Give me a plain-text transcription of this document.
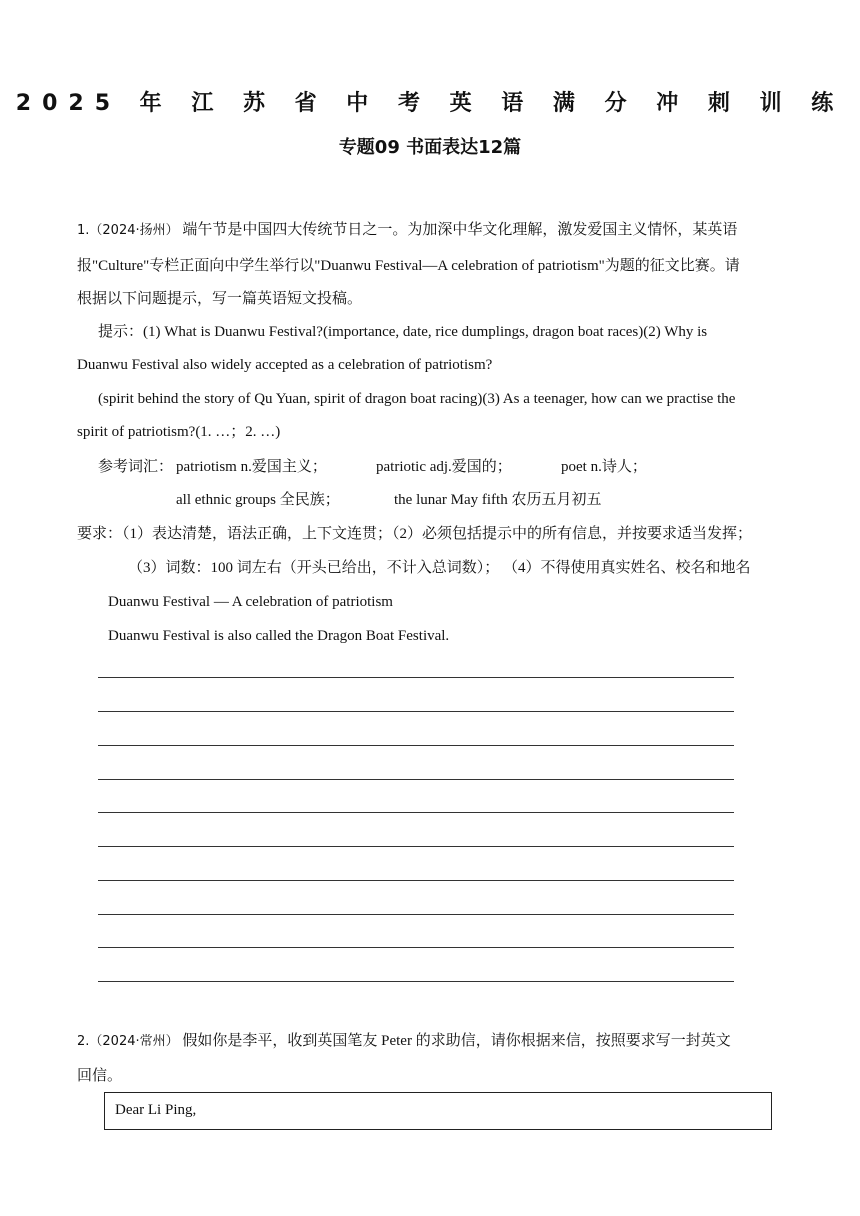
2025 年 江 苏 省 中 考 英 语 满 分 冲 刺 训 练
专题09 书面表达12篇
1.（2024·扬州） 端午节是中国四大传统节日之一。为加深中华文化理解，激发爱国主义情怀，某英语
报"Culture"专栏正面向中学生举行以"Duanwu Festival—A celebration of patriotism"为题的征文比赛。请
根据以下问题提示，写一篇英语短文投稿。
提示：(1) What is Duanwu Festival?(importance, date, rice dumplings, dragon boat races)(2) Why is
Duanwu Festival also widely accepted as a celebration of patriotism?
(spirit behind the story of Qu Yuan, spirit of dragon boat racing)(3) As a teenager, how can we practise the
spirit of patriotism?(1. …；2. …)
参考词汇： patriotism n.爱国主义；	patriotic adj.爱国的；	poet n.诗人；
all ethnic groups 全民族；	the lunar May fifth 农历五月初五
要求：（1）表达清楚，语法正确，上下文连贯；（2）必须包括提示中的所有信息，并按要求适当发挥；
（3）词数：100 词左右（开头已给出，不计入总词数）； （4）不得使用真实姓名、校名和地名
Duanwu Festival — A celebration of patriotism
Duanwu Festival is also called the Dragon Boat Festival.
2.（2024·常州） 假如你是李平，收到英国笔友 Peter 的求助信，请你根据来信，按照要求写一封英文
回信。
Dear Li Ping,
